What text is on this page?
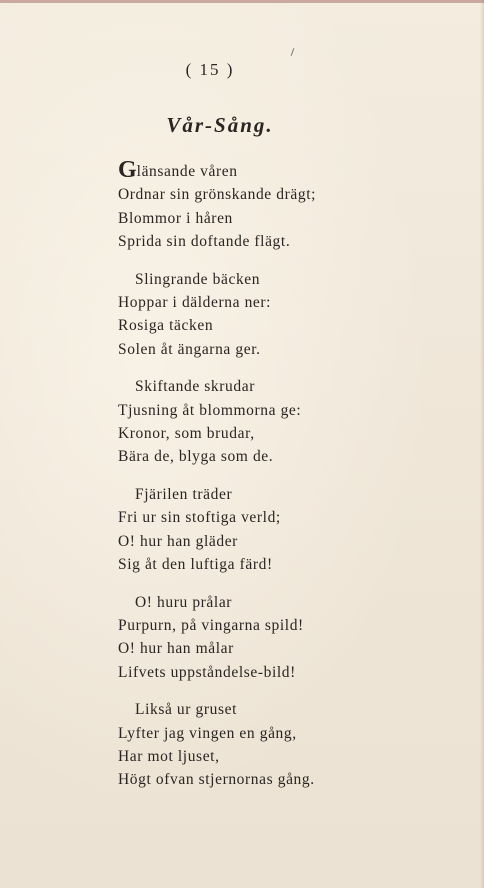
( 15 )
Vår-Sång.
Glänsande våren
Ordnar sin grönskande drägt;
Blommor i håren
Sprida sin doftande flägt.
Slingrande bäcken
Hoppar i dälderna ner:
Rosiga täcken
Solen åt ängarna ger.
Skiftande skrudar
Tjusning åt blommorna ge:
Kronor, som brudar,
Bära de, blyga som de.
Fjärilen träder
Fri ur sin stoftiga verld;
O! hur han gläder
Sig åt den luftiga färd!
O! huru prålar
Purpurn, på vingarna spild!
O! hur han målar
Lifvets uppståndelse-bild!
Likså ur gruset
Lyfter jag vingen en gång,
Har mot ljuset,
Högt ofvan stjernornas gång.
